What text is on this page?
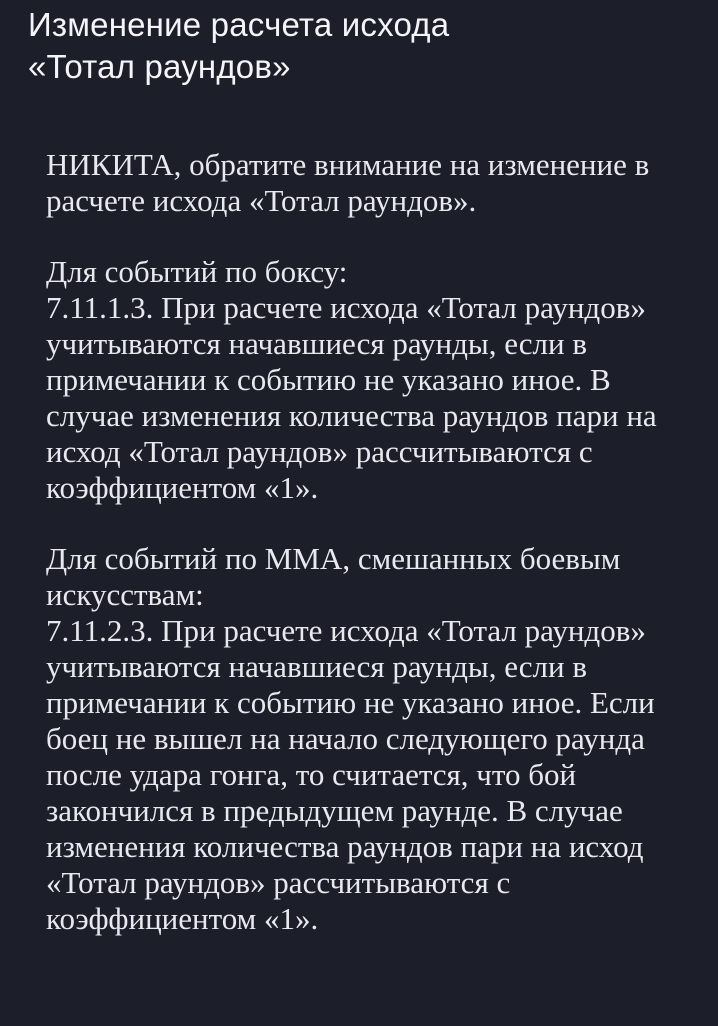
Изменение расчета исхода
«Тотал раундов»

НИКИТА, обратите внимание на изменение в
расчете исхода «Тотал раундов».

Для событий по боксу:
7.11.1.3. При расчете исхода «Тотал раундов»
учитываются начавшиеся раунды, если в
примечании к событию не указано иное. В
случае изменения количества раундов пари на
исход «Тотал раундов» рассчитываются с
коэффициентом «1».

Для событий по ММА, смешанных боевым
искусствам:
7.11.2.3. При расчете исхода «Тотал раундов»
учитываются начавшиеся раунды, если в
примечании к событию не указано иное. Если
боец не вышел на начало следующего раунда
после удара гонга, то считается, что бой
закончился в предыдущем раунде. В случае
изменения количества раундов пари на исход
«Тотал раундов» рассчитываются с
коэффициентом «1».
